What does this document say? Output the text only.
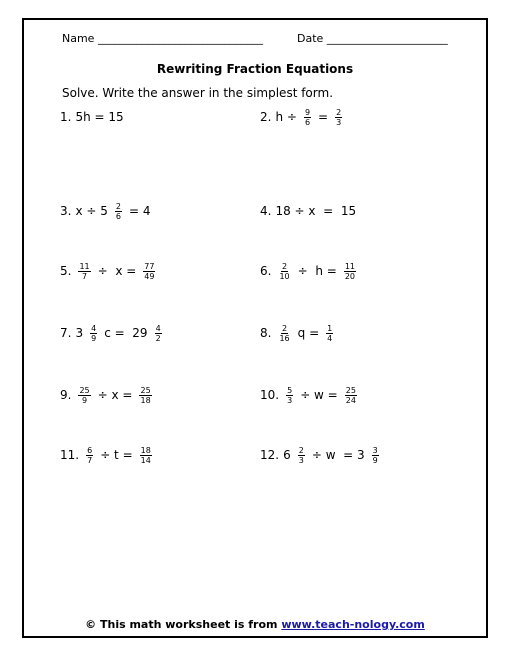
Name ______________________________	Date ______________________
Rewriting Fraction Equations
Solve. Write the answer in the simplest form.
1. 5h = 15	2. $h \div \frac{9}{6} = \frac{2}{3}$
3. $x \div 5 \frac{2}{6} = 4$	4. 18 ÷ x  =  15
5. $\frac{11}{7} \div x = \frac{77}{49}$	6. $\frac{2}{10} \div h = \frac{11}{20}$
7. $3 \frac{4}{9}$ $c = 29 \frac{4}{2}$	8. $\frac{2}{16}$ $q = \frac{1}{4}$
9. $\frac{25}{9} \div x = \frac{25}{18}$	10. $\frac{5}{3} \div w = \frac{25}{24}$
11. $\frac{6}{7} \div t = \frac{18}{14}$	12. $6 \frac{2}{3} \div w = 3 \frac{3}{9}$
© This math worksheet is from www.teach-nology.com
